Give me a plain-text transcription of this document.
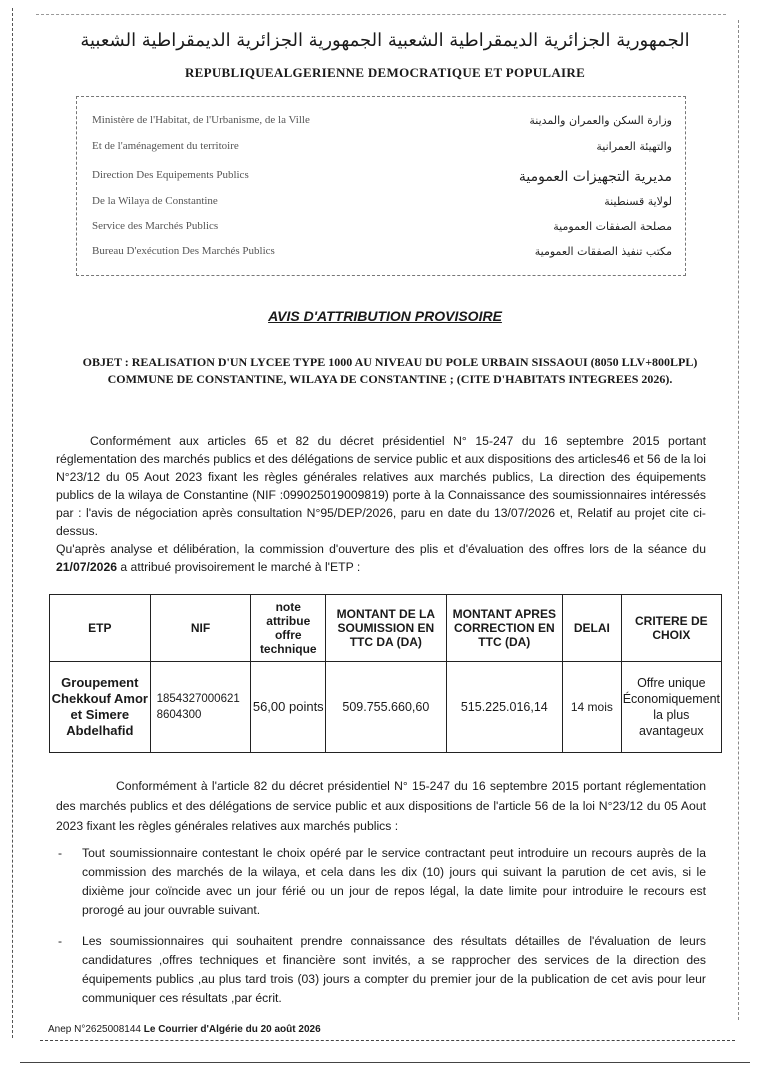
الجمهورية الجزائرية الديمقراطية الشعبية الجمهورية الجزائرية الديمقراطية الشعبية
REPUBLIQUEALGERIENNE DEMOCRATIQUE ET POPULAIRE
Ministère de l'Habitat, de l'Urbanisme, de la Ville	وزارة السكن والعمران والمدينة
Et de l'aménagement du territoire	والتهيئة العمرانية
Direction Des Equipements Publics	مديرية التجهيزات العمومية
De la Wilaya de Constantine	لولاية قسنطينة
Service des Marchés Publics	مصلحة الصفقات العمومية
Bureau D'exécution Des Marchés Publics	مكتب تنفيذ الصفقات العمومية
AVIS D'ATTRIBUTION PROVISOIRE
OBJET : REALISATION D'UN LYCEE TYPE 1000 AU NIVEAU DU POLE URBAIN SISSAOUI (8050 LLV+800LPL) COMMUNE DE CONSTANTINE, WILAYA DE CONSTANTINE ; (CITE D'HABITATS INTEGREES 2026).
Conformément aux articles 65 et 82 du décret présidentiel N° 15-247 du 16 septembre 2015 portant réglementation des marchés publics et des délégations de service public et aux dispositions des articles46 et 56 de la loi N°23/12 du 05 Aout 2023 fixant les règles générales relatives aux marchés publics, La direction des équipements publics de la wilaya de Constantine (NIF :099025019009819) porte à la Connaissance des soumissionnaires intéressés par : l'avis de négociation après consultation N°95/DEP/2026, paru en date du 13/07/2026 et, Relatif au projet cite ci-dessus.
Qu'après analyse et délibération, la commission d'ouverture des plis et d'évaluation des offres lors de la séance du 21/07/2026 a attribué provisoirement le marché à l'ETP :
ETP	NIF	note attribue offre technique	MONTANT DE LA SOUMISSION EN TTC DA (DA)	MONTANT APRES CORRECTION EN TTC (DA)	DELAI	CRITERE DE CHOIX
Groupement Chekkouf Amor et Simere Abdelhafid	1854327000621 8604300	56,00 points	509.755.660,60	515.225.016,14	14 mois	Offre unique Économiquement la plus avantageux
Conformément à l'article 82 du décret présidentiel N° 15-247 du 16 septembre 2015 portant réglementation des marchés publics et des délégations de service public et aux dispositions de l'article 56 de la loi N°23/12 du 05 Aout 2023 fixant les règles générales relatives aux marchés publics :
- Tout soumissionnaire contestant le choix opéré par le service contractant peut introduire un recours auprès de la commission des marchés de la wilaya, et cela dans les dix (10) jours qui suivant la parution de cet avis, si le dixième jour coïncide avec un jour férié ou un jour de repos légal, la date limite pour introduire le recours est prorogé au jour ouvrable suivant.
- Les soumissionnaires qui souhaitent prendre connaissance des résultats détailles de l'évaluation de leurs candidatures ,offres techniques et financière sont invités, a se rapprocher des services de la direction des équipements publics ,au plus tard trois (03) jours a compter du premier jour de la publication de cet avis pour leur communiquer ces résultats ,par écrit.
Anep N°2625008144 Le Courrier d'Algérie du 20 août 2026
